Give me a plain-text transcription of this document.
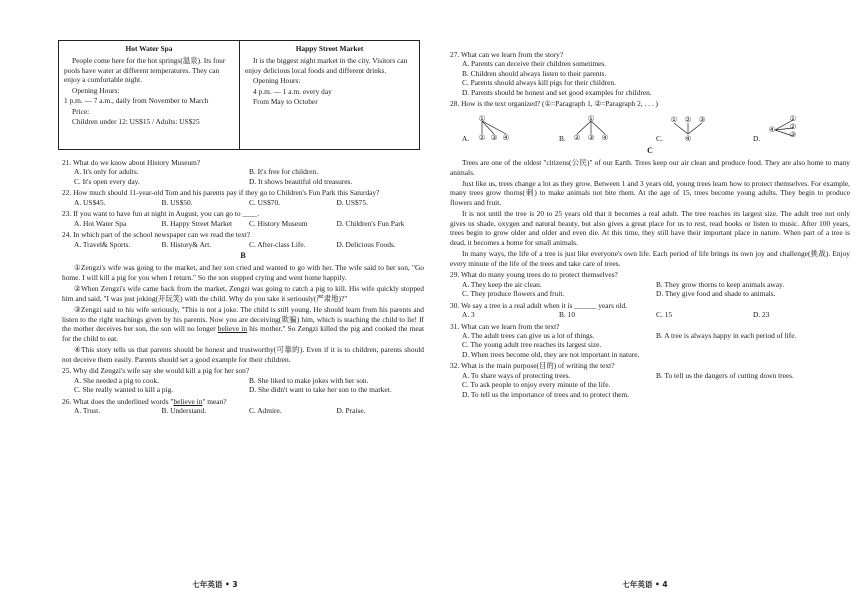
Hot Water Spa

People come here for the hot springs(温泉). Its four pools have water at different temperatures. They can enjoy a comfortable night.

Opening Hours:

1 p.m. — 7 a.m., daily from November to March

Price:

Children under 12: US$15 / Adults: US$25

Happy Street Market

It is the biggest night market in the city. Visitors can enjoy delicious local foods and different drinks.

Opening Hours:

4 p.m. — 1 a.m. every day

From May to October

21. What do we know about History Museum?

A. It's only for adults.	B. It's free for children.
C. It's open every day.	D. It shows beautiful old treasures.

22. How much should 11-year-old Tom and his parents pay if they go to Children's Fun Park this Saturday?

A. US$45.	B. US$50.	C. US$70.	D. US$75.

23. If you want to have fun at night in August, you can go to ____.

A. Hot Water Spa	B. Happy Street Market	C. History Museum	D. Children's Fun Park

24. In which part of the school newspaper can we read the text?

A. Travel& Sports.	B. History& Art.	C. After-class Life.	D. Delicious Foods.
B

①Zengzi's wife was going to the market, and her son cried and wanted to go with her. The wife said to her son, "Go home. I will kill a pig for you when I return." So the son stopped crying and went home happily.

②When Zengzi's wife came back from the market, Zengzi was going to catch a pig to kill. His wife quickly stopped him and said, "I was just joking(开玩笑) with the child. Why do you take it seriously(严肃地)?"

③Zengzi said to his wife seriously, "This is not a joke. The child is still young. He should learn from his parents and listen to the right teachings given by his parents. Now you are deceiving(欺骗) him, which is teaching the child to lie! If the mother deceives her son, the son will no longer believe in his mother." So Zengzi killed the pig and cooked the meat for the child to eat.

④This story tells us that parents should be honest and trustworthy(可靠的). Even if it is to children, parents should not deceive them easily. Parents should set a good example for their children.

25. Why did Zengzi's wife say she would kill a pig for her son?

A. She needed a pig to cook.	B. She liked to make jokes with her son.
C. She really wanted to kill a pig.	D. She didn't want to take her son to the market.

26. What does the underlined words "believe in" mean?

A. Trust.	B. Understand.	C. Admire.	D. Praise.
七年英语 • 3

27. What can we learn from the story?

A. Parents can deceive their children sometimes.
B. Children should always listen to their parents.
C. Parents should always kill pigs for their children.
D. Parents should be honest and set good examples for children.

28. How is the text organized? (①=Paragraph 1, ②=Paragraph 2, . . . )

A.
①
② ③ ④	B.
①
② ③ ④	C.
① ② ③
④	D.
①
②
③
④
C

Trees are one of the oldest "citizens(公民)" of our Earth. Trees keep our air clean and produce food. They are also home to many animals.

Just like us, trees change a lot as they grow. Between 1 and 3 years old, young trees learn how to protect themselves. For example, many trees grow thorns(刺) to make animals not bite them. At the age of 15, trees become young adults. They begin to produce flowers and fruit.

It is not until the tree is 20 to 25 years old that it becomes a real adult. The tree reaches its largest size. The adult tree not only gives us shade, oxygen and natural beauty, but also gives a great place for us to rest, read books or listen to music. After 100 years, trees begin to grow older and older and even die. At this time, they still have their important place in nature. When part of a tree is dead, it becomes a home for small animals.

In many ways, the life of a tree is just like everyone's own life. Each period of life brings its own joy and challenge(挑战). Enjoy every minute of the life of the trees and take care of trees.

29. What do many young trees do to protect themselves?

A. They keep the air clean.	B. They grow thorns to keep animals away.
C. They produce flowers and fruit.	D. They give food and shade to animals.

30. We say a tree is a real adult when it is ______ years old.

A. 3	B. 10	C. 15	D. 23

31. What can we learn from the text?

A. The adult trees can give us a lot of things.	B. A tree is always happy in each period of life.
C. The young adult tree reaches its largest size.
D. When trees become old, they are not important in nature.

32. What is the main purpose(目的) of writing the text?

A. To share ways of protecting trees.	B. To tell us the dangers of cutting down trees.
C. To ask people to enjoy every minute of the life.
D. To tell us the importance of trees and to protect them.
七年英语 • 4
